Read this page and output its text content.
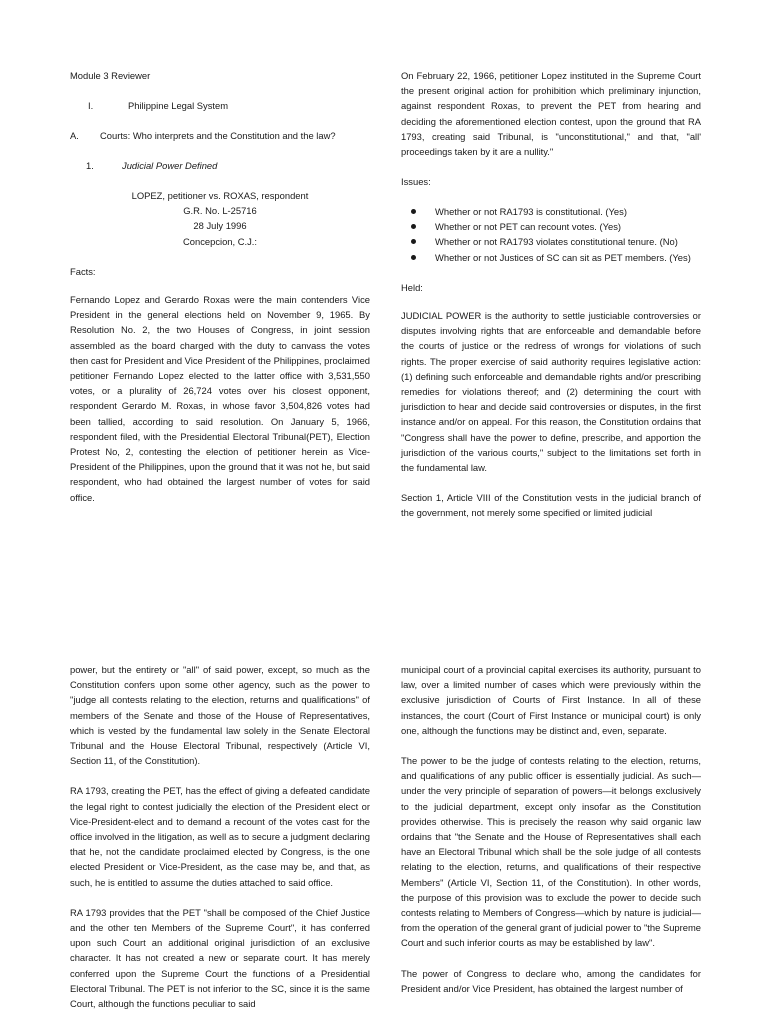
Module 3 Reviewer

I.	Philippine Legal System

A. Courts: Who interprets and the Constitution and the law?

1.	Judicial Power Defined

LOPEZ, petitioner vs. ROXAS, respondent

G.R. No. L-25716

28 July 1996

Concepcion, C.J.:

Facts:

Fernando Lopez and Gerardo Roxas were the main contenders Vice President in the general elections held on November 9, 1965. By Resolution No. 2, the two Houses of Congress, in joint session assembled as the board charged with the duty to canvass the votes then cast for President and Vice President of the Philippines, proclaimed petitioner Fernando Lopez elected to the latter office with 3,531,550 votes, or a plurality of 26,724 votes over his closest opponent, respondent Gerardo M. Roxas, in whose favor 3,504,826 votes had been tallied, according to said resolution. On January 5, 1966, respondent filed, with the Presidential Electoral Tribunal(PET), Election Protest No, 2, contesting the election of petitioner herein as Vice-President of the Philippines, upon the ground that it was not he, but said respondent, who had obtained the largest number of votes for said office.

On February 22, 1966, petitioner Lopez instituted in the Supreme Court the present original action for prohibition which preliminary injunction, against respondent Roxas, to prevent the PET from hearing and deciding the aforementioned election contest, upon the ground that RA 1793, creating said Tribunal, is "unconstitutional," and that, "all' proceedings taken by it are a nullity."

Issues:

Whether or not RA1793 is constitutional. (Yes)
Whether or not PET can recount votes. (Yes)
Whether or not RA1793 violates constitutional tenure. (No)
Whether or not Justices of SC can sit as PET members. (Yes)

Held:

JUDICIAL POWER is the authority to settle justiciable controversies or disputes involving rights that are enforceable and demandable before the courts of justice or the redress of wrongs for violations of such rights. The proper exercise of said authority requires legislative action: (1) defining such enforceable and demandable rights and/or prescribing remedies for violations thereof; and (2) determining the court with jurisdiction to hear and decide said controversies or disputes, in the first instance and/or on appeal. For this reason, the Constitution ordains that "Congress shall have the power to define, prescribe, and apportion the jurisdiction of the various courts," subject to the limitations set forth in the fundamental law.

Section 1, Article VIII of the Constitution vests in the judicial branch of the government, not merely some specified or limited judicial

power, but the entirety or "all" of said power, except, so much as the Constitution confers upon some other agency, such as the power to "judge all contests relating to the election, returns and qualifications" of members of the Senate and those of the House of Representatives, which is vested by the fundamental law solely in the Senate Electoral Tribunal and the House Electoral Tribunal, respectively (Article VI, Section 11, of the Constitution).

RA 1793, creating the PET, has the effect of giving a defeated candidate the legal right to contest judicially the election of the President elect or Vice-President-elect and to demand a recount of the votes cast for the office involved in the litigation, as well as to secure a judgment declaring that he, not the candidate proclaimed elected by Congress, is the one elected President or Vice-President, as the case may be, and that, as such, he is entitled to assume the duties attached to said office.

RA 1793 provides that the PET "shall be composed of the Chief Justice and the other ten Members of the Supreme Court", it has conferred upon such Court an additional original jurisdiction of an exclusive character. It has not created a new or separate court. It has merely conferred upon the Supreme Court the functions of a Presidential Electoral Tribunal. The PET is not inferior to the SC, since it is the same Court, although the functions peculiar to said

municipal court of a provincial capital exercises its authority, pursuant to law, over a limited number of cases which were previously within the exclusive jurisdiction of Courts of First Instance. In all of these instances, the court (Court of First Instance or municipal court) is only one, although the functions may be distinct and, even, separate.

The power to be the judge of contests relating to the election, returns, and qualifications of any public officer is essentially judicial. As such—under the very principle of separation of powers—it belongs exclusively to the judicial department, except only insofar as the Constitution provides otherwise. This is precisely the reason why said organic law ordains that "the Senate and the House of Representatives shall each have an Electoral Tribunal which shall be the sole judge of all contests relating to the election, returns, and qualifications of their respective Members" (Article VI, Section 11, of the Constitution). In other words, the purpose of this provision was to exclude the power to decide such contests relating to Members of Congress—which by nature is judicial—from the operation of the general grant of judicial power to "the Supreme Court and such inferior courts as may be established by law".

The power of Congress to declare who, among the candidates for President and/or Vice President, has obtained the largest number of
